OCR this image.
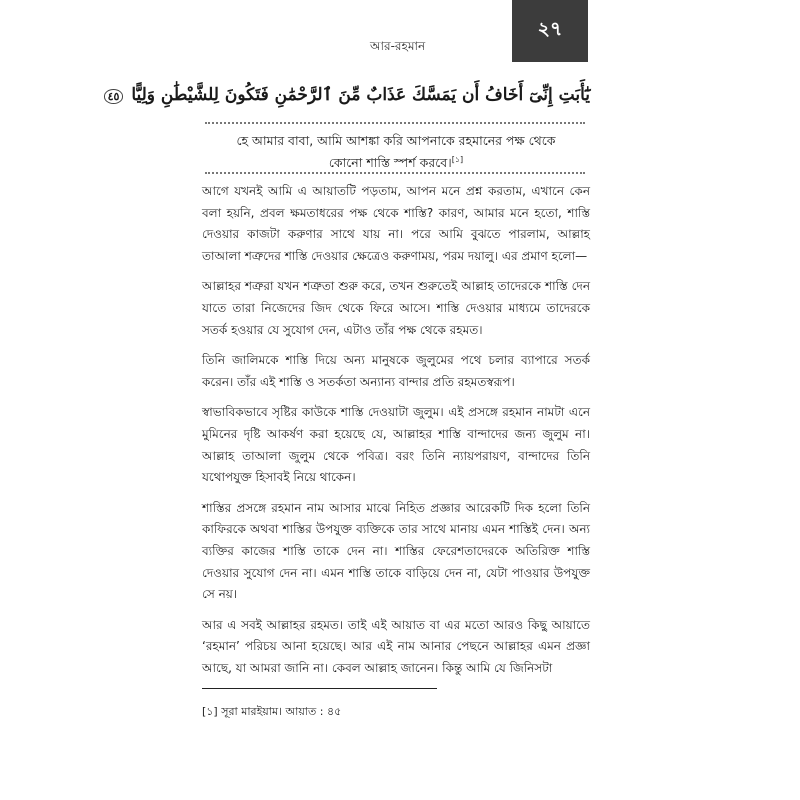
আর-রহমান
২৭
يَٰٓأَبَتِ إِنِّىٓ أَخَافُ أَن يَمَسَّكَ عَذَابٌ مِّنَ ٱلرَّحْمَٰنِ فَتَكُونَ لِلشَّيْطَٰنِ وَلِيًّا ٤٥
হে আমার বাবা, আমি আশঙ্কা করি আপনাকে রহমানের পক্ষ থেকে
কোনো শাস্তি স্পর্শ করবে।[১]

আগে যখনই আমি এ আয়াতটি পড়তাম, আপন মনে প্রশ্ন করতাম, এখানে কেন বলা হয়নি, প্রবল ক্ষমতাধরের পক্ষ থেকে শাস্তি? কারণ, আমার মনে হতো, শাস্তি দেওয়ার কাজটা করুণার সাথে যায় না। পরে আমি বুঝতে পারলাম, আল্লাহ তাআলা শত্রুদের শাস্তি দেওয়ার ক্ষেত্রেও করুণাময়, পরম দয়ালু। এর প্রমাণ হলো—

আল্লাহর শত্রুরা যখন শত্রুতা শুরু করে, তখন শুরুতেই আল্লাহ তাদেরকে শাস্তি দেন যাতে তারা নিজেদের জিদ থেকে ফিরে আসে। শাস্তি দেওয়ার মাধ্যমে তাদেরকে সতর্ক হওয়ার যে সুযোগ দেন, এটাও তাঁর পক্ষ থেকে রহমত।

তিনি জালিমকে শাস্তি দিয়ে অন্য মানুষকে জুলুমের পথে চলার ব্যাপারে সতর্ক করেন। তাঁর এই শাস্তি ও সতর্কতা অন্যান্য বান্দার প্রতি রহমতস্বরূপ।

স্বাভাবিকভাবে সৃষ্টির কাউকে শাস্তি দেওয়াটা জুলুম। এই প্রসঙ্গে রহমান নামটা এনে মুমিনের দৃষ্টি আকর্ষণ করা হয়েছে যে, আল্লাহর শাস্তি বান্দাদের জন্য জুলুম না। আল্লাহ তাআলা জুলুম থেকে পবিত্র। বরং তিনি ন্যায়পরায়ণ, বান্দাদের তিনি যথোপযুক্ত হিসাবই নিয়ে থাকেন।

শাস্তির প্রসঙ্গে রহমান নাম আসার মাঝে নিহিত প্রজ্ঞার আরেকটি দিক হলো তিনি কাফিরকে অথবা শাস্তির উপযুক্ত ব্যক্তিকে তার সাথে মানায় এমন শাস্তিই দেন। অন্য ব্যক্তির কাজের শাস্তি তাকে দেন না। শাস্তির ফেরেশতাদেরকে অতিরিক্ত শাস্তি দেওয়ার সুযোগ দেন না। এমন শাস্তি তাকে বাড়িয়ে দেন না, যেটা পাওয়ার উপযুক্ত সে নয়।

আর এ সবই আল্লাহর রহমত। তাই এই আয়াত বা এর মতো আরও কিছু আয়াতে ‘রহমান’ পরিচয় আনা হয়েছে। আর এই নাম আনার পেছনে আল্লাহর এমন প্রজ্ঞা আছে, যা আমরা জানি না। কেবল আল্লাহ জানেন। কিন্তু আমি যে জিনিসটা

[১] সূরা মারইয়াম। আয়াত : ৪৫
